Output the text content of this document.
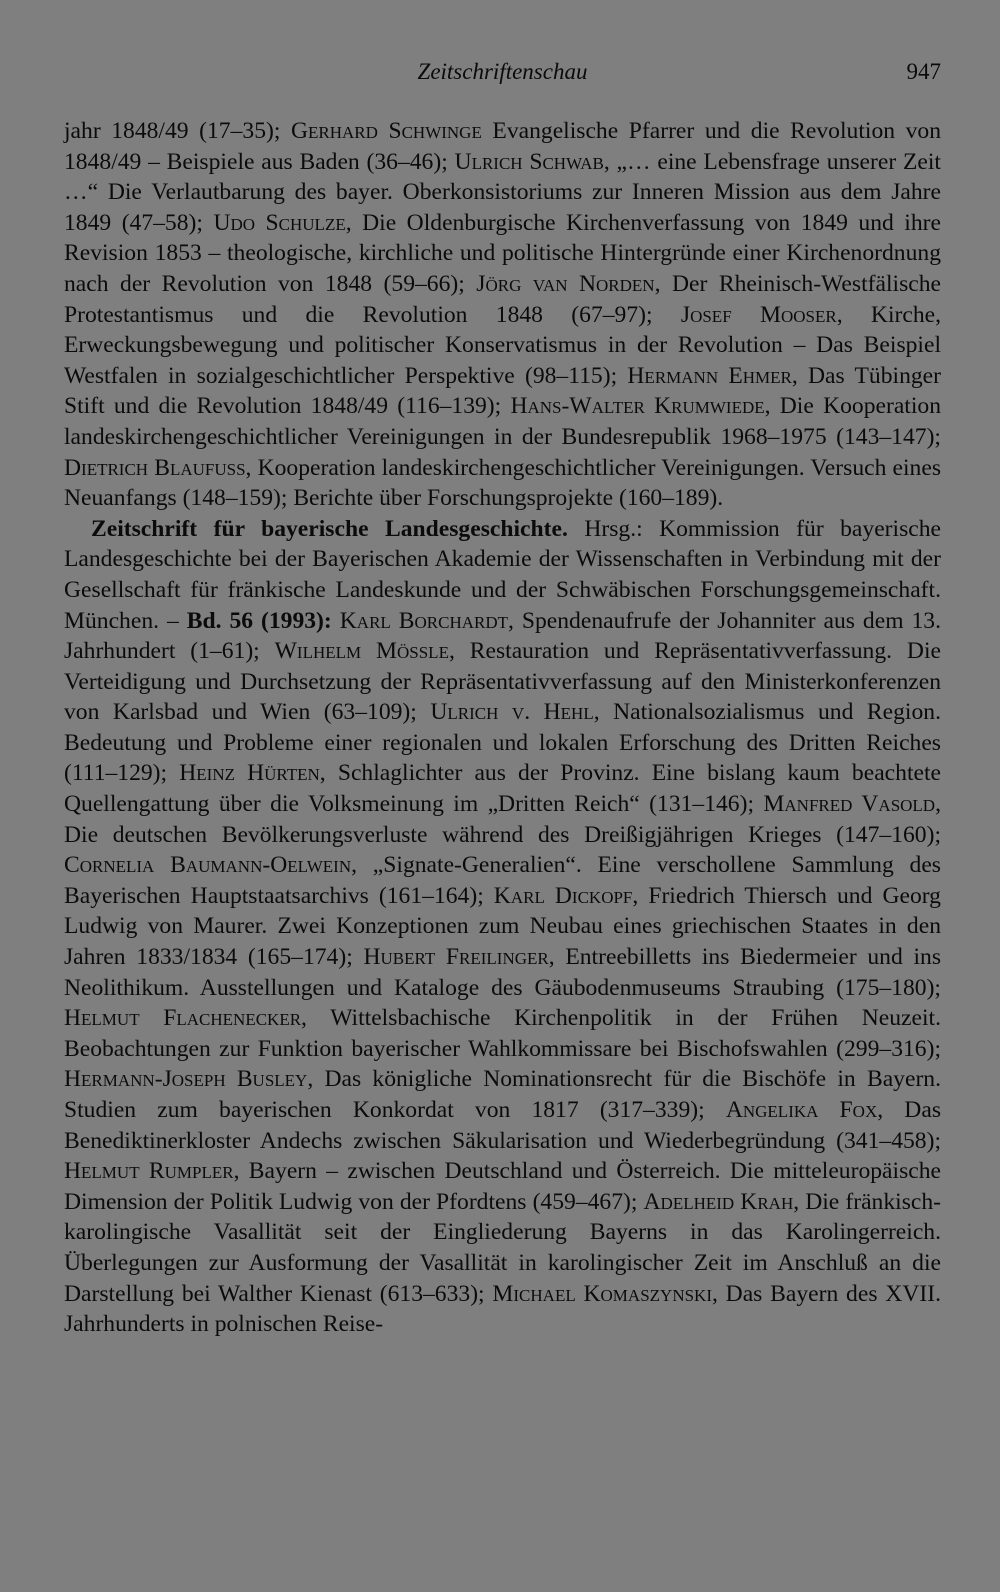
Zeitschriftenschau	947

jahr 1848/49 (17–35); Gerhard Schwinge Evangelische Pfarrer und die Revolution von 1848/49 – Beispiele aus Baden (36–46); Ulrich Schwab, „… eine Lebensfrage unserer Zeit …“ Die Verlautbarung des bayer. Oberkonsistoriums zur Inneren Mission aus dem Jahre 1849 (47–58); Udo Schulze, Die Oldenburgische Kirchenverfassung von 1849 und ihre Revision 1853 – theologische, kirchliche und politische Hintergründe einer Kirchenordnung nach der Revolution von 1848 (59–66); Jörg van Norden, Der Rheinisch-Westfälische Protestantismus und die Revolution 1848 (67–97); Josef Mooser, Kirche, Erweckungsbewegung und politischer Konservatismus in der Revolution – Das Beispiel Westfalen in sozialgeschichtlicher Perspektive (98–115); Hermann Ehmer, Das Tübinger Stift und die Revolution 1848/49 (116–139); Hans-Walter Krumwiede, Die Kooperation landeskirchengeschichtlicher Vereinigungen in der Bundesrepublik 1968–1975 (143–147); Dietrich Blaufuss, Kooperation landeskirchengeschichtlicher Vereinigungen. Versuch eines Neuanfangs (148–159); Berichte über Forschungsprojekte (160–189).

Zeitschrift für bayerische Landesgeschichte. Hrsg.: Kommission für bayerische Landesgeschichte bei der Bayerischen Akademie der Wissenschaften in Verbindung mit der Gesellschaft für fränkische Landeskunde und der Schwäbischen Forschungsgemeinschaft. München. – Bd. 56 (1993): Karl Borchardt, Spendenaufrufe der Johanniter aus dem 13. Jahrhundert (1–61); Wilhelm Mössle, Restauration und Repräsentativverfassung. Die Verteidigung und Durchsetzung der Repräsentativverfassung auf den Ministerkonferenzen von Karlsbad und Wien (63–109); Ulrich v. Hehl, Nationalsozialismus und Region. Bedeutung und Probleme einer regionalen und lokalen Erforschung des Dritten Reiches (111–129); Heinz Hürten, Schlaglichter aus der Provinz. Eine bislang kaum beachtete Quellengattung über die Volksmeinung im „Dritten Reich“ (131–146); Manfred Vasold, Die deutschen Bevölkerungsverluste während des Dreißigjährigen Krieges (147–160); Cornelia Baumann-Oelwein, „Signate-Generalien“. Eine verschollene Sammlung des Bayerischen Hauptstaatsarchivs (161–164); Karl Dickopf, Friedrich Thiersch und Georg Ludwig von Maurer. Zwei Konzeptionen zum Neubau eines griechischen Staates in den Jahren 1833/1834 (165–174); Hubert Freilinger, Entreebilletts ins Biedermeier und ins Neolithikum. Ausstellungen und Kataloge des Gäubodenmuseums Straubing (175–180); Helmut Flachenecker, Wittelsbachische Kirchenpolitik in der Frühen Neuzeit. Beobachtungen zur Funktion bayerischer Wahlkommissare bei Bischofswahlen (299–316); Hermann-Joseph Busley, Das königliche Nominationsrecht für die Bischöfe in Bayern. Studien zum bayerischen Konkordat von 1817 (317–339); Angelika Fox, Das Benediktinerkloster Andechs zwischen Säkularisation und Wiederbegründung (341–458); Helmut Rumpler, Bayern – zwischen Deutschland und Österreich. Die mitteleuropäische Dimension der Politik Ludwig von der Pfordtens (459–467); Adelheid Krah, Die fränkisch-karolingische Vasallität seit der Eingliederung Bayerns in das Karolingerreich. Überlegungen zur Ausformung der Vasallität in karolingischer Zeit im Anschluß an die Darstellung bei Walther Kienast (613–633); Michael Komaszynski, Das Bayern des XVII. Jahrhunderts in polnischen Reise-
